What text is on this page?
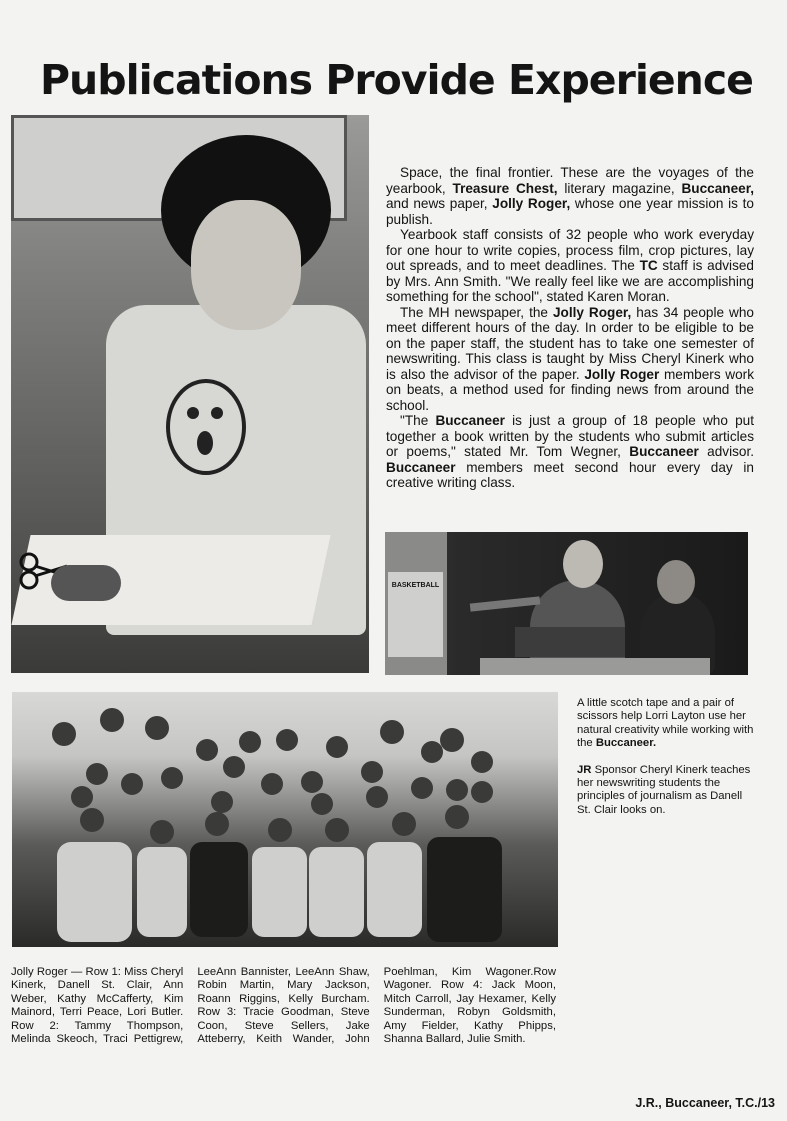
Publications Provide Experience
BASKETBALL

Space, the final frontier. These are the voyages of the yearbook, Treasure Chest, literary magazine, Buccaneer, and news paper, Jolly Roger, whose one year mission is to publish.

Yearbook staff consists of 32 people who work everyday for one hour to write copies, process film, crop pictures, lay out spreads, and to meet deadlines. The TC staff is advised by Mrs. Ann Smith. "We really feel like we are accomplishing something for the school", stated Karen Moran.

The MH newspaper, the Jolly Roger, has 34 people who meet different hours of the day. In order to be eligible to be on the paper staff, the student has to take one semester of newswriting. This class is taught by Miss Cheryl Kinerk who is also the advisor of the paper. Jolly Roger members work on beats, a method used for finding news from around the school.

"The Buccaneer is just a group of 18 people who put together a book written by the students who submit articles or poems," stated Mr. Tom Wegner, Buccaneer advisor. Buccaneer members meet second hour every day in creative writing class.

A little scotch tape and a pair of scissors help Lorri Layton use her natural creativity while working with the Buccaneer.

JR Sponsor Cheryl Kinerk teaches her newswriting students the principles of journalism as Danell St. Clair looks on.

Jolly Roger — Row 1: Miss Cheryl Kinerk, Danell St. Clair, Ann Weber, Kathy McCafferty, Kim Mainord, Terri Peace, Lori Butler. Row 2: Tammy Thompson, Melinda Skeoch, Traci Pettigrew, LeeAnn Bannister, LeeAnn Shaw, Robin Martin, Mary Jackson, Roann Riggins, Kelly Burcham. Row 3: Tracie Goodman, Steve Coon, Steve Sellers, Jake Atteberry, Keith Wander, John Poehlman, Kim Wagoner.Row Wagoner. Row 4: Jack Moon, Mitch Carroll, Jay Hexamer, Kelly Sunderman, Robyn Goldsmith, Amy Fielder, Kathy Phipps, Shanna Ballard, Julie Smith.
J.R., Buccaneer, T.C./13
